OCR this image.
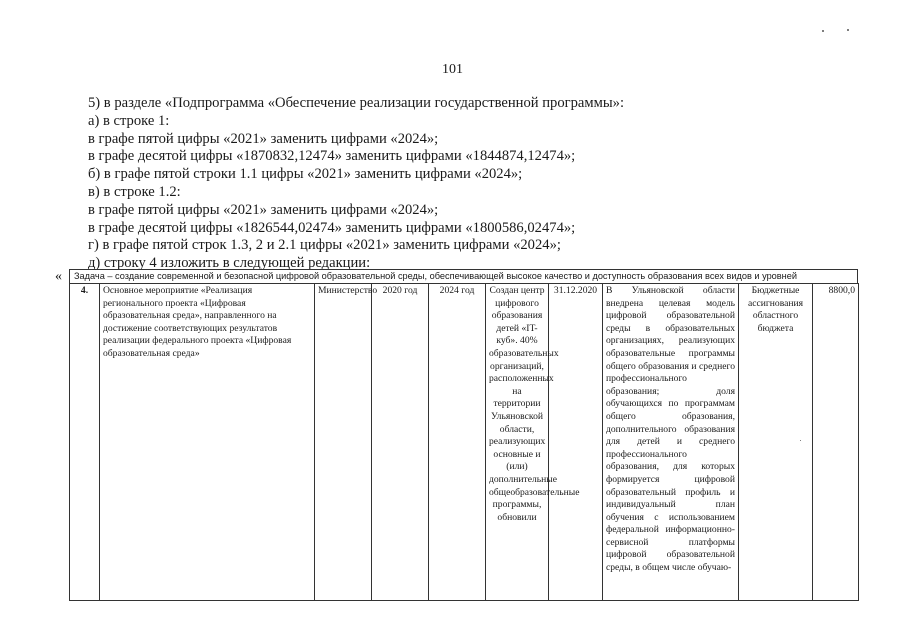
101
5) в разделе «Подпрограмма «Обеспечение реализации государственной программы»:
а) в строке 1:
в графе пятой цифры «2021» заменить цифрами «2024»;
в графе десятой цифры «1870832,12474» заменить цифрами «1844874,12474»;
б) в графе пятой строки 1.1 цифры «2021» заменить цифрами «2024»;
в) в строке 1.2:
в графе пятой цифры «2021» заменить цифрами «2024»;
в графе десятой цифры «1826544,02474» заменить цифрами «1800586,02474»;
г) в графе пятой строк 1.3, 2 и 2.1 цифры «2021» заменить цифрами «2024»;
д) строку 4 изложить в следующей редакции:
«	Задача – создание современной и безопасной цифровой образовательной среды, обеспечивающей высокое качество и доступность образования всех видов и уровней
4.	Основное мероприятие «Реализация регионального проекта «Цифровая образовательная среда», направленного на достижение соответствующих результатов реализации федерального проекта «Цифровая образовательная среда»	Министерство	2020 год	2024 год	Создан центр цифрового образования детей «IT-куб». 40% образовательных организаций, расположенных на территории Ульяновской области, реализующих основные и (или) дополнительные общеобразовательные программы, обновили	31.12.2020	В Ульяновской области внедрена целевая модель цифровой образовательной среды в образовательных организациях, реализующих образовательные программы общего образования и среднего профессионального образования; доля обучающихся по программам общего образования, дополнительного образования для детей и среднего профессионального образования, для которых формируется цифровой образовательный профиль и индивидуальный план обучения с использованием федеральной информационно-сервисной платформы цифровой образовательной среды, в общем числе обучаю-	Бюджетные ассигнования областного бюджета	8800,0
